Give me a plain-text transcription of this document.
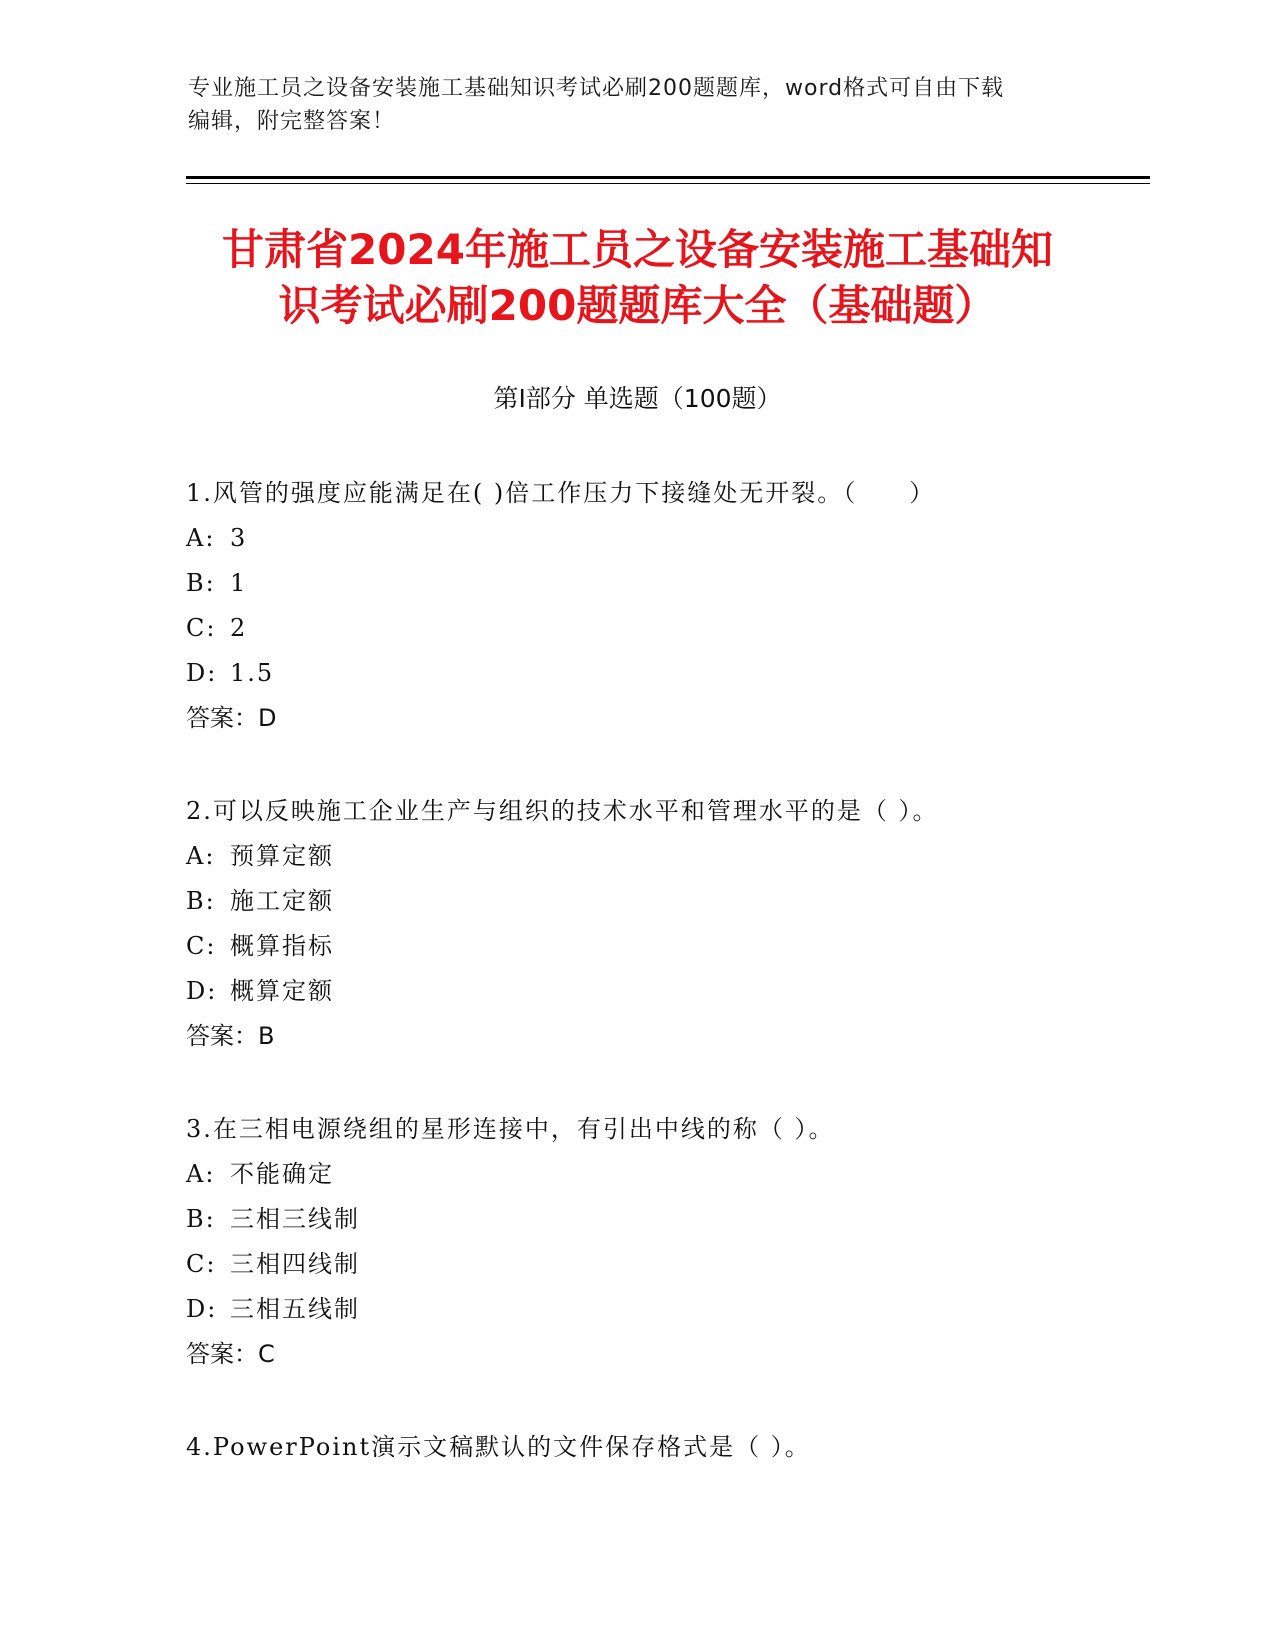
专业施工员之设备安装施工基础知识考试必刷200题题库，word格式可自由下载
编辑，附完整答案！
甘肃省2024年施工员之设备安装施工基础知
识考试必刷200题题库大全（基础题）
第Ⅰ部分 单选题（100题）
1.风管的强度应能满足在( )倍工作压力下接缝处无开裂。（　　）
A: 3
B: 1
C: 2
D: 1.5
答案：D
2.可以反映施工企业生产与组织的技术水平和管理水平的是（ ）。
A: 预算定额
B: 施工定额
C: 概算指标
D: 概算定额
答案：B
3.在三相电源绕组的星形连接中，有引出中线的称（ ）。
A: 不能确定
B: 三相三线制
C: 三相四线制
D: 三相五线制
答案：C
4.PowerPoint演示文稿默认的文件保存格式是（ ）。
